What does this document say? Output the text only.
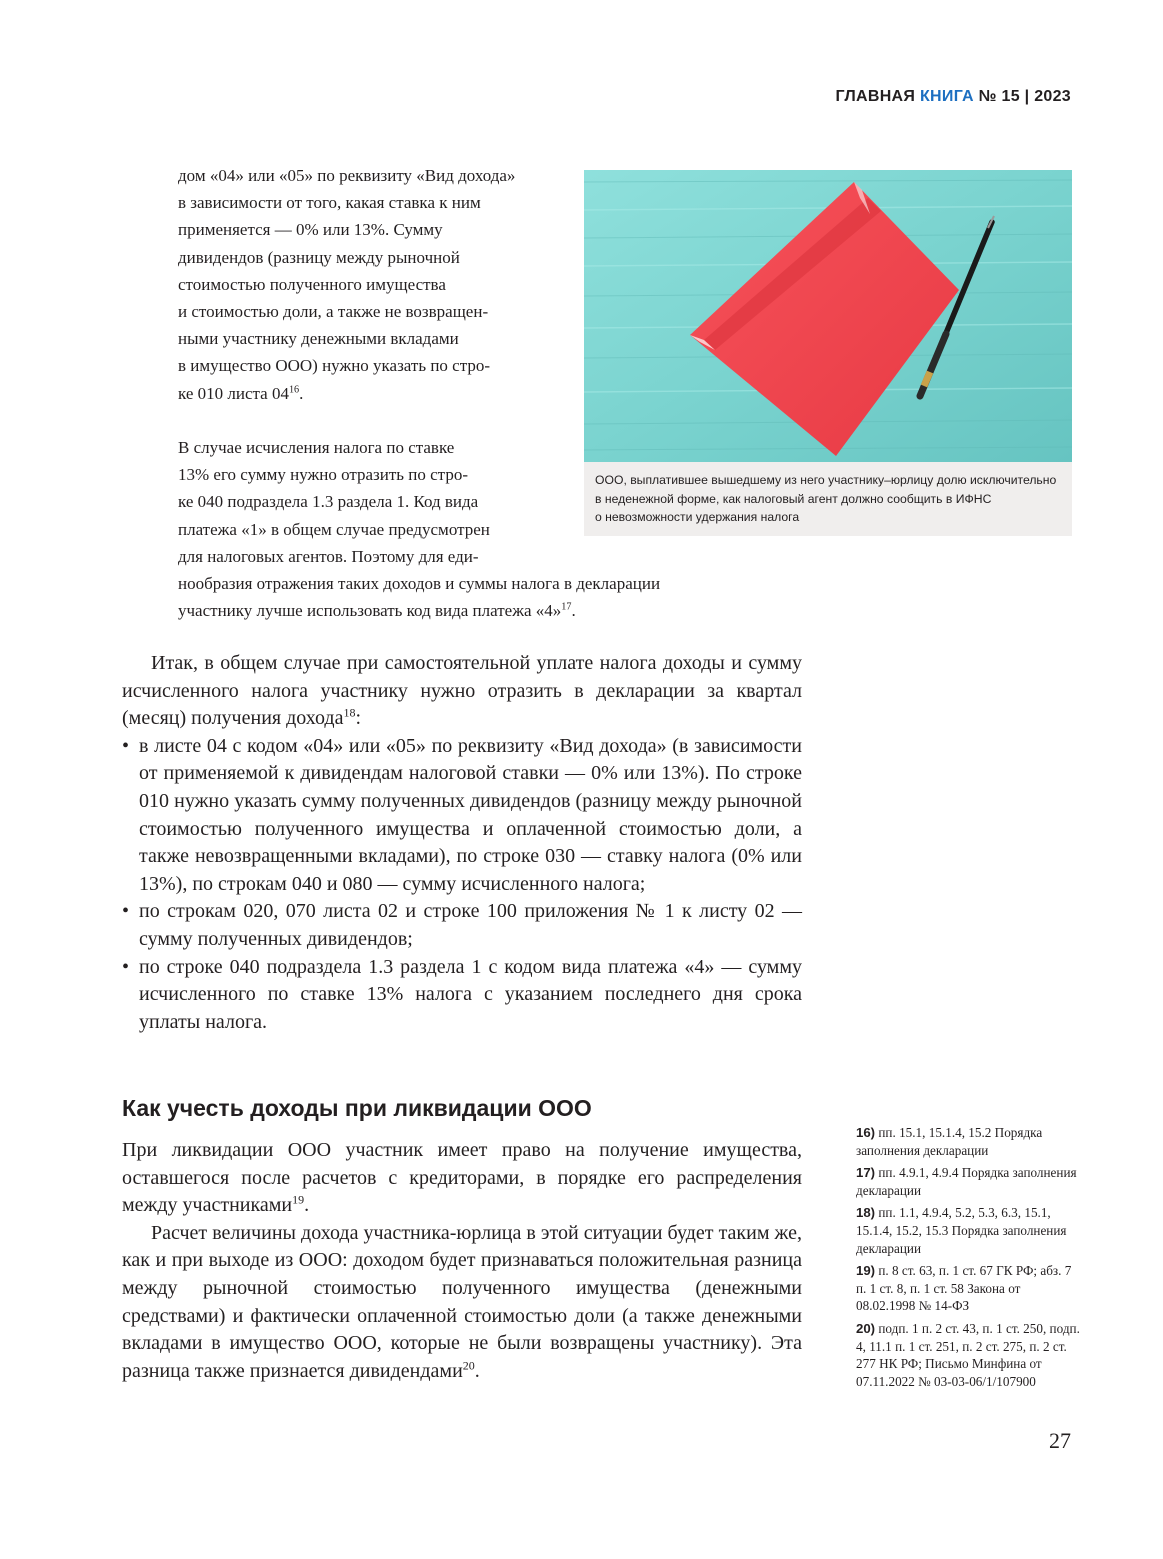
ГЛАВНАЯ КНИГА № 15 | 2023

дом «04» или «05» по реквизиту «Вид дохода»

в зависимости от того, какая ставка к ним

применяется — 0% или 13%. Сумму

дивидендов (разницу между рыночной

стоимостью полученного имущества

и стоимостью доли, а также не возвращен-

ными участнику денежными вкладами

в имущество ООО) нужно указать по стро-

ке 010 листа $04^{16}$.

В случае исчисления налога по ставке

13% его сумму нужно отразить по стро-

ке 040 подраздела 1.3 раздела 1. Код вида

платежа «1» в общем случае предусмотрен

для налоговых агентов. Поэтому для еди-

нообразия отражения таких доходов и суммы налога в декларации

участнику лучше использовать код вида платежа «4»$^{17}$.

ООО, выплатившее вышедшему из него участнику–юрлицу долю исключительно
в неденежной форме, как налоговый агент должно сообщить в ИФНС
о невозможности удержания налога

Итак, в общем случае при самостоятельной уплате налога доходы и сумму исчисленного налога участнику нужно отразить в декларации за квартал (месяц) получения дохода$^{18}$:

• в листе 04 с кодом «04» или «05» по реквизиту «Вид дохода» (в зависимости от применяемой к дивидендам налоговой ставки — 0% или 13%). По строке 010 нужно указать сумму полученных дивидендов (разницу между рыночной стоимостью полученного имущества и оплаченной стоимостью доли, а также невозвращенными вкладами), по строке 030 — ставку налога (0% или 13%), по строкам 040 и 080 — сумму исчисленного налога;
• по строкам 020, 070 листа 02 и строке 100 приложения № 1 к листу 02 — сумму полученных дивидендов;
• по строке 040 подраздела 1.3 раздела 1 с кодом вида платежа «4» — сумму исчисленного по ставке 13% налога с указанием последнего дня срока уплаты налога.
Как учесть доходы при ликвидации ООО

При ликвидации ООО участник имеет право на получение имущества, оставшегося после расчетов с кредиторами, в порядке его распределения между участниками$^{19}$.

Расчет величины дохода участника-юрлица в этой ситуации будет таким же, как и при выходе из ООО: доходом будет признаваться положительная разница между рыночной стоимостью полученного имущества (денежными средствами) и фактически оплаченной стоимостью доли (а также денежными вкладами в имущество ООО, которые не были возвращены участнику). Эта разница также признается дивидендами$^{20}$.

16) пп. 15.1, 15.1.4, 15.2 Порядка заполнения декларации
17) пп. 4.9.1, 4.9.4 Порядка заполнения декларации
18) пп. 1.1, 4.9.4, 5.2, 5.3, 6.3, 15.1, 15.1.4, 15.2, 15.3 Порядка заполнения декларации
19) п. 8 ст. 63, п. 1 ст. 67 ГК РФ; абз. 7 п. 1 ст. 8, п. 1 ст. 58 Закона от 08.02.1998 № 14-ФЗ
20) подп. 1 п. 2 ст. 43, п. 1 ст. 250, подп. 4, 11.1 п. 1 ст. 251, п. 2 ст. 275, п. 2 ст. 277 НК РФ; Письмо Минфина от 07.11.2022 № 03-03-06/1/107900
27
